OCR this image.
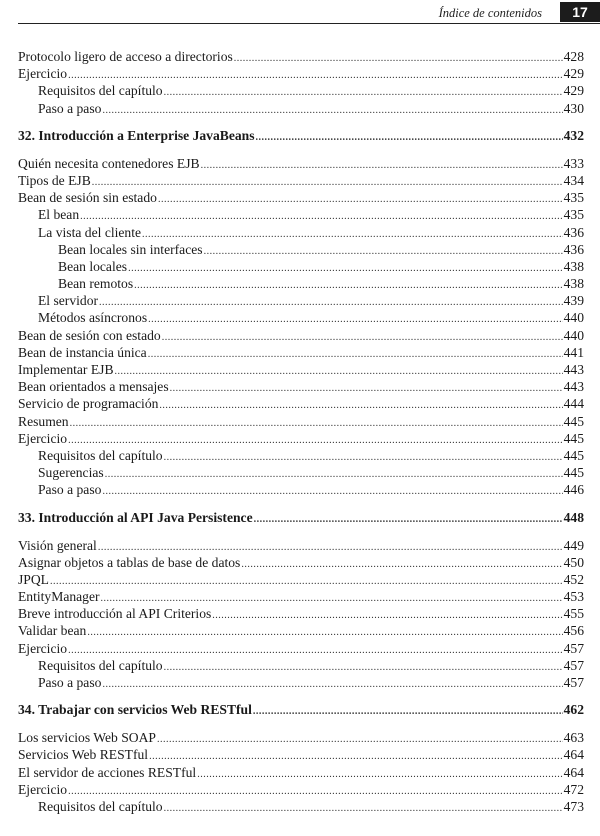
Índice de contenidos	17
Protocolo ligero de acceso a directorios .....	428
Ejercicio .....	429
Requisitos del capítulo .....	429
Paso a paso .....	430
32. Introducción a Enterprise JavaBeans .....	432
Quién necesita contenedores EJB .....	433
Tipos de EJB .....	434
Bean de sesión sin estado .....	435
El bean .....	435
La vista del cliente .....	436
Bean locales sin interfaces .....	436
Bean locales .....	438
Bean remotos .....	438
El servidor .....	439
Métodos asíncronos .....	440
Bean de sesión con estado .....	440
Bean de instancia única .....	441
Implementar EJB .....	443
Bean orientados a mensajes .....	443
Servicio de programación .....	444
Resumen .....	445
Ejercicio .....	445
Requisitos del capítulo .....	445
Sugerencias .....	445
Paso a paso .....	446
33. Introducción al API Java Persistence .....	448
Visión general .....	449
Asignar objetos a tablas de base de datos .....	450
JPQL .....	452
EntityManager .....	453
Breve introducción al API Criterios .....	455
Validar bean .....	456
Ejercicio .....	457
Requisitos del capítulo .....	457
Paso a paso .....	457
34. Trabajar con servicios Web RESTful .....	462
Los servicios Web SOAP .....	463
Servicios Web RESTful .....	464
El servidor de acciones RESTful .....	464
Ejercicio .....	472
Requisitos del capítulo .....	473
